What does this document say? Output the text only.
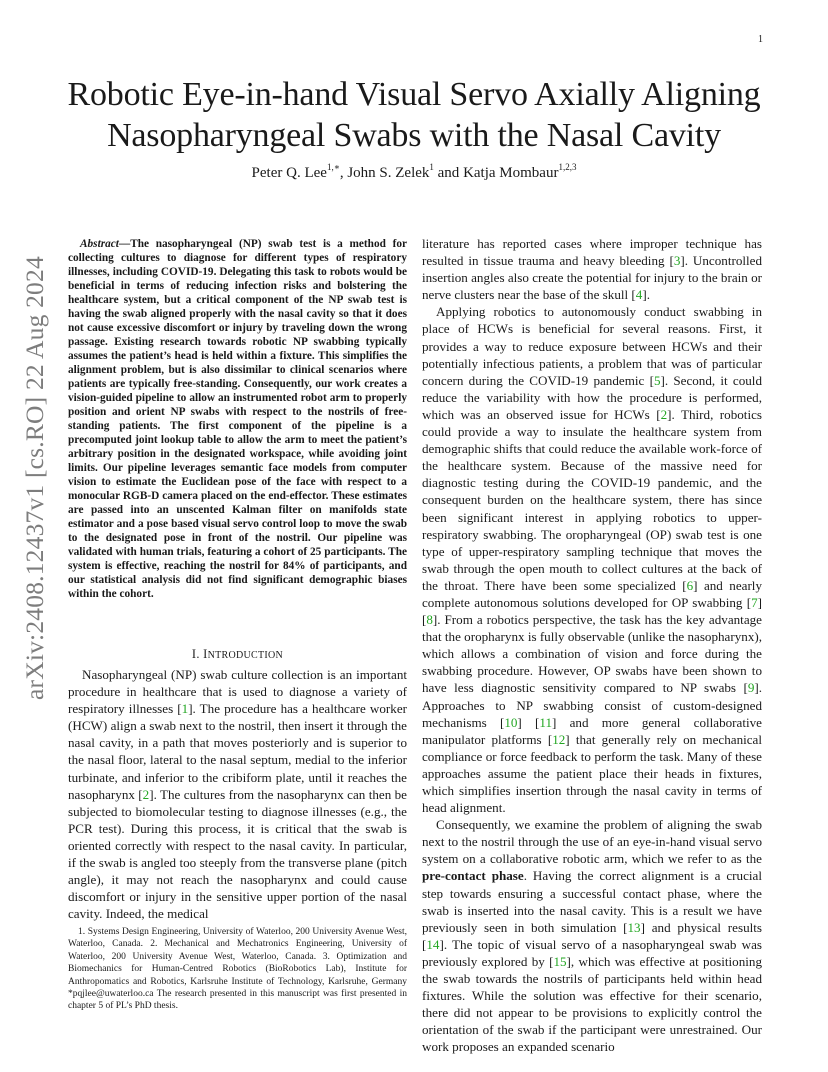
1
arXiv:2408.12437v1 [cs.RO] 22 Aug 2024
Robotic Eye-in-hand Visual Servo Axially Aligning
Nasopharyngeal Swabs with the Nasal Cavity
Peter Q. Lee$^{1,∗}$, John S. Zelek$^1$ and Katja Mombaur$^{1,2,3}$

Abstract—The nasopharyngeal (NP) swab test is a method for collecting cultures to diagnose for different types of respiratory illnesses, including COVID-19. Delegating this task to robots would be beneficial in terms of reducing infection risks and bolstering the healthcare system, but a critical component of the NP swab test is having the swab aligned properly with the nasal cavity so that it does not cause excessive discomfort or injury by traveling down the wrong passage. Existing research towards robotic NP swabbing typically assumes the patient’s head is held within a fixture. This simplifies the alignment problem, but is also dissimilar to clinical scenarios where patients are typically free-standing. Consequently, our work creates a vision-guided pipeline to allow an instrumented robot arm to properly position and orient NP swabs with respect to the nostrils of free-standing patients. The first component of the pipeline is a precomputed joint lookup table to allow the arm to meet the patient’s arbitrary position in the designated workspace, while avoiding joint limits. Our pipeline leverages semantic face models from computer vision to estimate the Euclidean pose of the face with respect to a monocular RGB-D camera placed on the end-effector. These estimates are passed into an unscented Kalman filter on manifolds state estimator and a pose based visual servo control loop to move the swab to the designated pose in front of the nostril. Our pipeline was validated with human trials, featuring a cohort of 25 participants. The system is effective, reaching the nostril for 84% of participants, and our statistical analysis did not find significant demographic biases within the cohort.

I. INTRODUCTION

Nasopharyngeal (NP) swab culture collection is an important procedure in healthcare that is used to diagnose a variety of respiratory illnesses [1]. The procedure has a healthcare worker (HCW) align a swab next to the nostril, then insert it through the nasal cavity, in a path that moves posteriorly and is superior to the nasal floor, lateral to the nasal septum, medial to the inferior turbinate, and inferior to the cribiform plate, until it reaches the nasopharynx [2]. The cultures from the nasopharynx can then be subjected to biomolecular testing to diagnose illnesses (e.g., the PCR test). During this process, it is critical that the swab is oriented correctly with respect to the nasal cavity. In particular, if the swab is angled too steeply from the transverse plane (pitch angle), it may not reach the nasopharynx and could cause discomfort or injury in the sensitive upper portion of the nasal cavity. Indeed, the medical

1. Systems Design Engineering, University of Waterloo, 200 University Avenue West, Waterloo, Canada. 2. Mechanical and Mechatronics Engineering, University of Waterloo, 200 University Avenue West, Waterloo, Canada. 3. Optimization and Biomechanics for Human-Centred Robotics (BioRobotics Lab), Institute for Anthropomatics and Robotics, Karlsruhe Institute of Technology, Karlsruhe, Germany *pqjlee@uwaterloo.ca The research presented in this manuscript was first presented in chapter 5 of PL’s PhD thesis.

literature has reported cases where improper technique has resulted in tissue trauma and heavy bleeding [3]. Uncontrolled insertion angles also create the potential for injury to the brain or nerve clusters near the base of the skull [4].

Applying robotics to autonomously conduct swabbing in place of HCWs is beneficial for several reasons. First, it provides a way to reduce exposure between HCWs and their potentially infectious patients, a problem that was of particular concern during the COVID-19 pandemic [5]. Second, it could reduce the variability with how the procedure is performed, which was an observed issue for HCWs [2]. Third, robotics could provide a way to insulate the healthcare system from demographic shifts that could reduce the available work-force of the healthcare system. Because of the massive need for diagnostic testing during the COVID-19 pandemic, and the consequent burden on the healthcare system, there has since been significant interest in applying robotics to upper-respiratory swabbing. The oropharyngeal (OP) swab test is one type of upper-respiratory sampling technique that moves the swab through the open mouth to collect cultures at the back of the throat. There have been some specialized [6] and nearly complete autonomous solutions developed for OP swabbing [7] [8]. From a robotics perspective, the task has the key advantage that the oropharynx is fully observable (unlike the nasopharynx), which allows a combination of vision and force during the swabbing procedure. However, OP swabs have been shown to have less diagnostic sensitivity compared to NP swabs [9]. Approaches to NP swabbing consist of custom-designed mechanisms [10] [11] and more general collaborative manipulator platforms [12] that generally rely on mechanical compliance or force feedback to perform the task. Many of these approaches assume the patient place their heads in fixtures, which simplifies insertion through the nasal cavity in terms of head alignment.

Consequently, we examine the problem of aligning the swab next to the nostril through the use of an eye-in-hand visual servo system on a collaborative robotic arm, which we refer to as the pre-contact phase. Having the correct alignment is a crucial step towards ensuring a successful contact phase, where the swab is inserted into the nasal cavity. This is a result we have previously seen in both simulation [13] and physical results [14]. The topic of visual servo of a nasopharyngeal swab was previously explored by [15], which was effective at positioning the swab towards the nostrils of participants held within head fixtures. While the solution was effective for their scenario, there did not appear to be provisions to explicitly control the orientation of the swab if the participant were unrestrained. Our work proposes an expanded scenario
